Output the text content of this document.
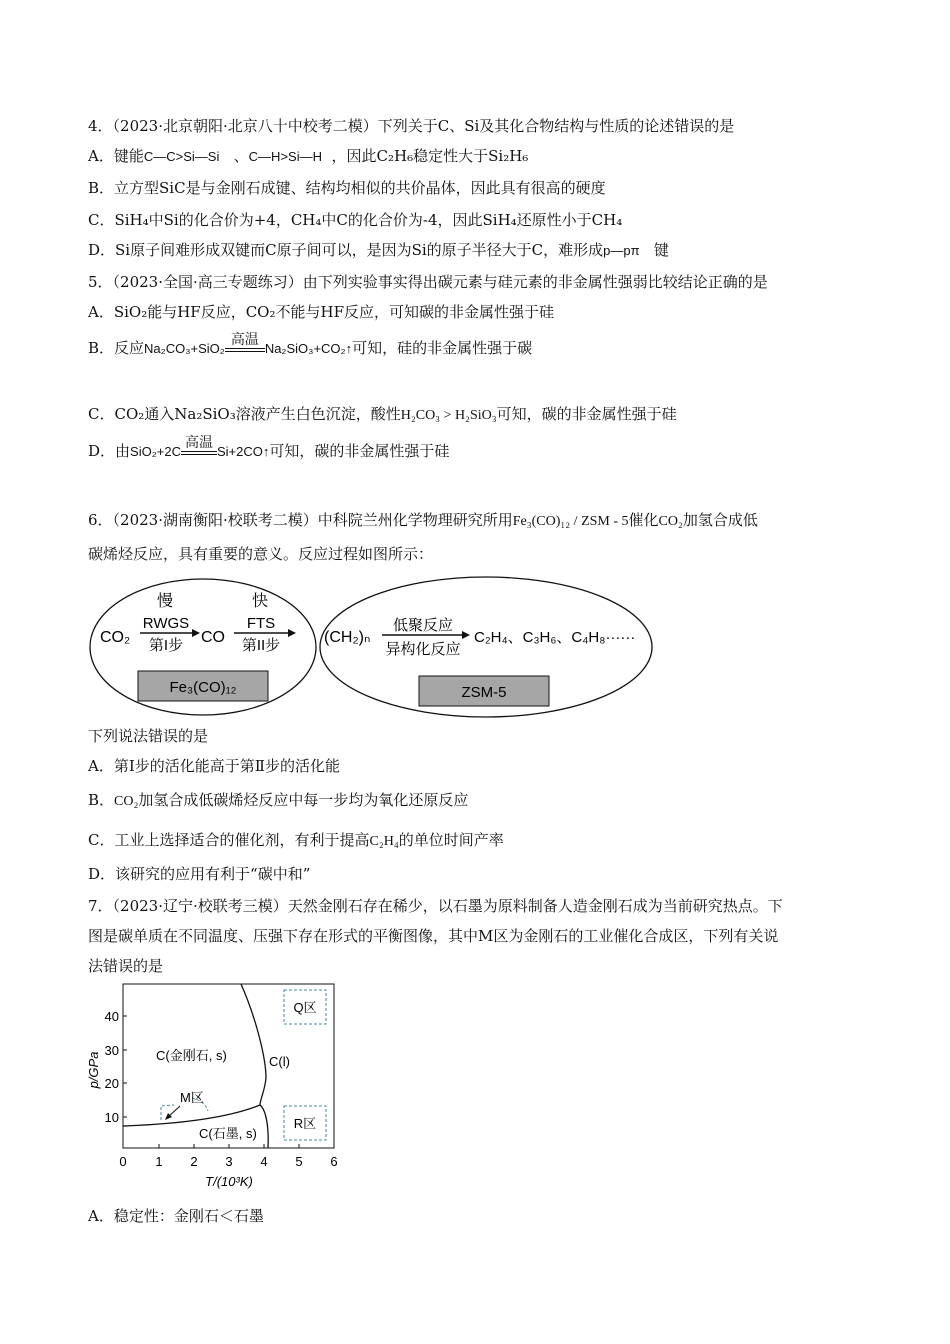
4．（2023·北京朝阳·北京八十中校考二模）下列关于C、Si及其化合物结构与性质的论述错误的是
A．键能C—C>Si—Si 、C—H>Si—H ，因此C₂H₆稳定性大于Si₂H₆
B．立方型SiC是与金刚石成键、结构均相似的共价晶体，因此具有很高的硬度
C．SiH₄中Si的化合价为+4，CH₄中C的化合价为-4，因此SiH₄还原性小于CH₄
D．Si原子间难形成双键而C原子间可以，是因为Si的原子半径大于C，难形成p—pπ 键
5．（2023·全国·高三专题练习）由下列实验事实得出碳元素与硅元素的非金属性强弱比较结论正确的是
A．SiO₂能与HF反应，CO₂不能与HF反应，可知碳的非金属性强于硅
B．反应Na₂CO₃+SiO₂
高温
Na₂SiO₃+CO₂↑可知，硅的非金属性强于碳
C．CO₂通入Na₂SiO₃溶液产生白色沉淀，酸性H₂CO₃ > H₂SiO₃可知，碳的非金属性强于硅
D．由SiO₂+2C
高温
Si+2CO↑可知，碳的非金属性强于硅
6．（2023·湖南衡阳·校联考二模）中科院兰州化学物理研究所用Fe₃(CO)₁₂ / ZSM - 5催化CO₂加氢合成低
碳烯烃反应，具有重要的意义。反应过程如图所示：
慢	快
CO₂
RWGS
第I步 CO
FTS
第II步
Fe₃(CO)₁₂
(CH₂)ₙ
低聚反应
异构化反应
C₂H₄、C₃H₆、C₄H₈······
ZSM-5
下列说法错误的是
A．第Ⅰ步的活化能高于第Ⅱ步的活化能
B．CO₂加氢合成低碳烯烃反应中每一步均为氧化还原反应
C．工业上选择适合的催化剂，有利于提高C₂H₄的单位时间产率
D．该研究的应用有利于“碳中和”
7．（2023·辽宁·校联考三模）天然金刚石存在稀少，以石墨为原料制备人造金刚石成为当前研究热点。下
图是碳单质在不同温度、压强下存在形式的平衡图像，其中M区为金刚石的工业催化合成区，下列有关说
法错误的是
0 1 2 3 4 5 6
10
20
30
40
T/(10³K)
p/GPa	C(金刚石, s)	C(l)
C(石墨, s)
M区
Q区
R区
A．稳定性：金刚石＜石墨
